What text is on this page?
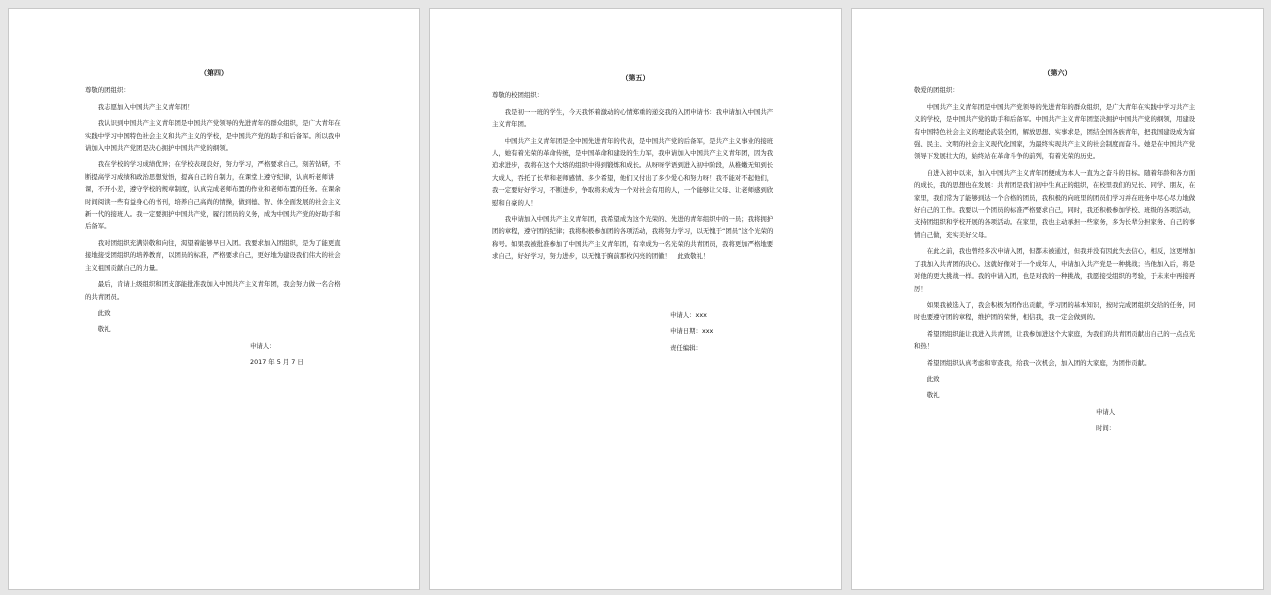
（第四）

尊敬的团组织：

我志愿加入中国共产主义青年团！

我认识到中国共产主义青年团是中国共产党领导的先进青年的群众组织，是广大青年在实践中学习中国特色社会主义和共产主义的学校，是中国共产党的助手和后备军。所以我申请加入中国共产党团是决心拥护中国共产党的纲领。

我在学校的学习成绩优异；在学校表现良好，努力学习，严格要求自己，刻苦钻研，不断提高学习成绩和政治思想觉悟，提高自己的自制力，在课堂上遵守纪律，认真听老师讲课，不开小差，遵守学校的规章制度，认真完成老师布置的作业和老师布置的任务。在课余时间阅读一些有益身心的书刊，培养自己高尚的情操，做到德、智、体全面发展的社会主义新一代的接班人。我一定要拥护中国共产党，履行团员的义务，成为中国共产党的好助手和后备军。

我对团组织充满崇敬和向往，渴望着能够早日入团。我要求加入团组织，是为了能更直接地接受团组织的培养教育，以团员的标准，严格要求自己，更好地为建设我们伟大的社会主义祖国贡献自己的力量。

最后，肯请上级组织和团支部能批准我加入中国共产主义青年团，我会努力做一名合格的共青团员。

此致

敬礼

申请人：

2017 年 5 月 7 日

（第五）

尊敬的校团组织：

我是初一一班的学生，今天我怀着激动的心情郑重的递交我的入团申请书：我申请加入中国共产主义青年团。

中国共产主义青年团是全中国先进青年的代表，是中国共产党的后备军，是共产主义事业的接班人，她有着光荣的革命传统，是中国革命和建设的生力军，我申请加入中国共产主义青年团，因为我追求进步，我将在这个大熔的组织中得到锻炼和成长。从呀呀学语到进入初中阶段，从稚嫩无知到长大成人，吞托了长辈和老师感情、多少希望，他们又付出了多少爱心和努力呀！我不能对不起他们，我一定要好好学习，不断进步，争取将来成为一个对社会有用的人，一个能够让父母、让老师感到欣慰和自豪的人！

我申请加入中国共产主义青年团，我希望成为这个光荣的、先进的青年组织中的一员；我将拥护团的章程，遵守团的纪律；我将积极参加团的各项活动，我将努力学习，以无愧于“团员”这个光荣的称号。如果我被批准参加了中国共产主义青年团，有幸成为一名光荣的共青团员，我将更加严格地要求自己，好好学习，努力进步，以无愧于胸前那枚闪亮的团徽！　此致敬礼！

申请人：xxx

申请日期：xxx

责任编辑：

（第六）

敬爱的团组织：

中国共产主义青年团是中国共产党领导的先进青年的群众组织，是广大青年在实践中学习共产主义的学校，是中国共产党的助手和后备军。中国共产主义青年团坚决拥护中国共产党的纲领，用建设有中国特色社会主义的理论武装全团，解放思想、实事求是，团结全国各族青年，把我国建设成为富强、民主、文明的社会主义现代化国家，为最终实现共产主义的社会制度而奋斗。她是在中国共产党领导下发展壮大的，始终站在革命斗争的前列，有着光荣的历史。

自进入初中以来，加入中国共产主义青年团便成为本人一直为之奋斗的目标。随着年龄和各方面的成长，我的思想也在发展：共青团是我们初中生真正的组织，在校里我们的兄长、同学、朋友，在家里，我们常为了能够到达一个合格的团员，我积极的向班里的团员们学习并在班务中尽心尽力地做好自己的工作。我要以一个团员的标准严格要求自己，同时，我还积极参加学校、班级的各项活动，支持团组织和学校开展的各项活动。在家里，我也主动承担一些家务，多为长辈分担家务、自己的事情自己做，充实美好父母。

在此之前，我也曾经多次申请入团，但都未被通过，但我并没有因此失去信心，相反，这更增加了我加入共青团的决心。这就好像对于一个成年人，申请加入共产党是一种挑战；当他加入后，将是对他的更大挑战一样。我的申请入团，也是对我的一种挑战，我愿接受组织的考验，于未来中再接再厉！

如果我被选入了，我会积极为团作出贡献，学习团的基本知识，按时完成团组织交给的任务，同时也要遵守团的章程，维护团的荣誉，相信我，我一定会做到的。

希望团组织能让我进入共青团，让我参加进这个大家庭，为我们的共青团贡献出自己的一点点光和热！

希望团组织认真考虑和审查我，给我一次机会，加入团的大家庭，为团作贡献。

此致

敬礼

申请人

时间：
